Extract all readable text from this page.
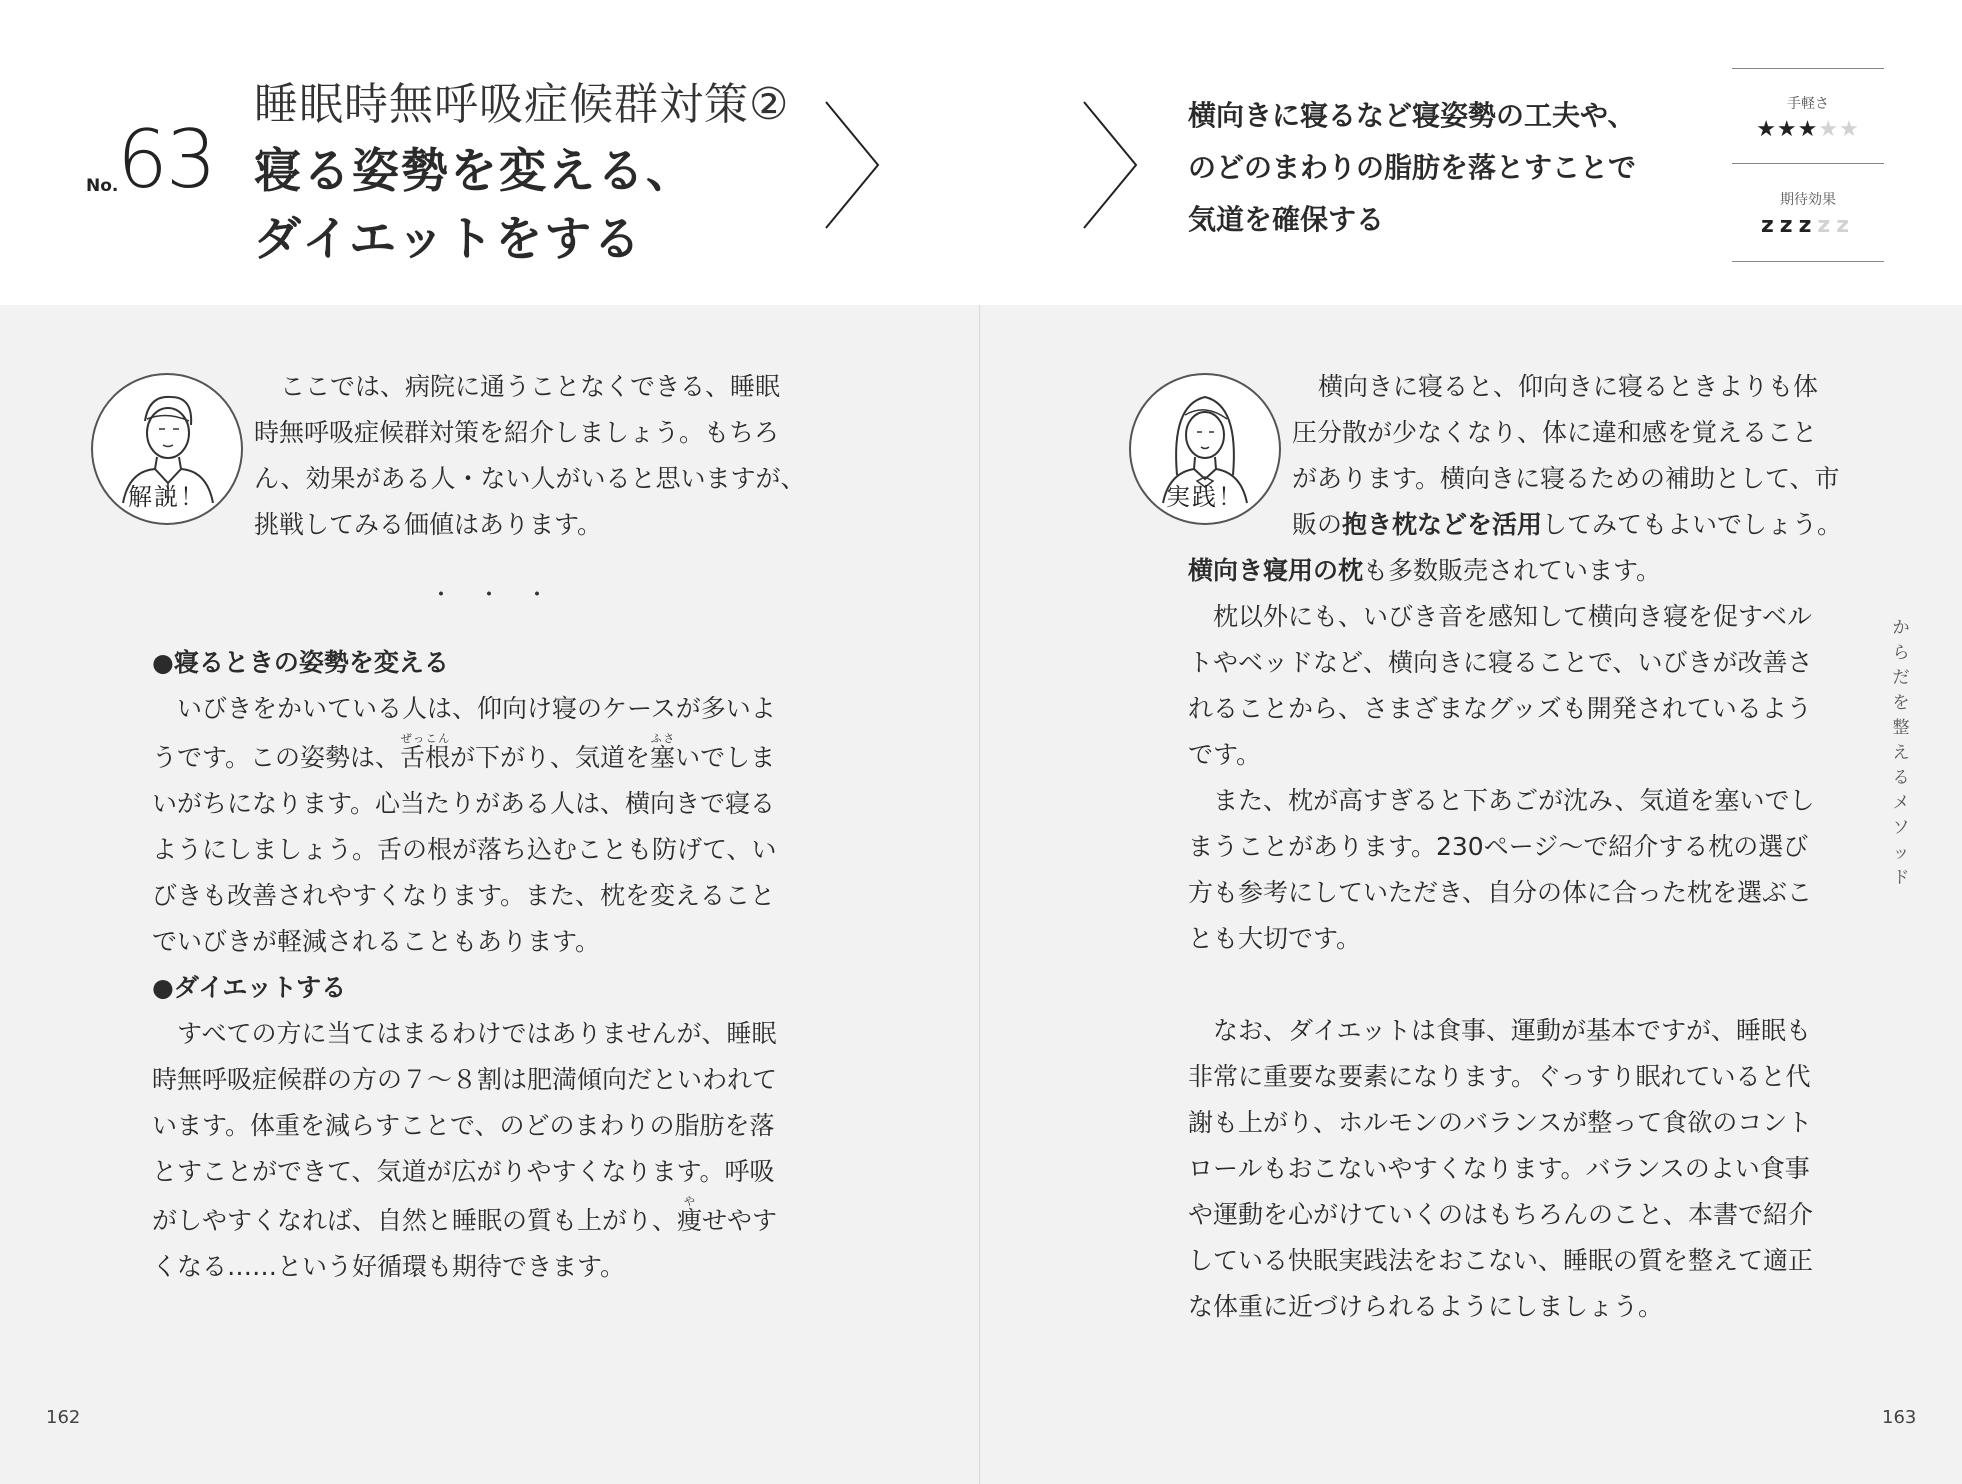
No.
63
睡眠時無呼吸症候群対策②
寝る姿勢を変える、
ダイエットをする
横向きに寝るなど寝姿勢の工夫や、
のどのまわりの脂肪を落とすことで
気道を確保する
手軽さ
★★★★★
期待効果
zzzzz
解説！

ここでは、病院に通うことなくできる、睡眠

時無呼吸症候群対策を紹介しましょう。もちろ

ん、効果がある人・ない人がいると思いますが、

挑戦してみる価値はあります。

・・・

●寝るときの姿勢を変える

いびきをかいている人は、仰向け寝のケースが多いよ

うです。この姿勢は、舌根ぜっこんが下がり、気道を塞ふさいでしま

いがちになります。心当たりがある人は、横向きで寝る

ようにしましょう。舌の根が落ち込むことも防げて、い

びきも改善されやすくなります。また、枕を変えること

でいびきが軽減されることもあります。

●ダイエットする

すべての方に当てはまるわけではありませんが、睡眠

時無呼吸症候群の方の７～８割は肥満傾向だといわれて

います。体重を減らすことで、のどのまわりの脂肪を落

とすことができて、気道が広がりやすくなります。呼吸

がしやすくなれば、自然と睡眠の質も上がり、痩やせやす

くなる……という好循環も期待できます。

162
実践！

横向きに寝ると、仰向きに寝るときよりも体

圧分散が少なくなり、体に違和感を覚えること

があります。横向きに寝るための補助として、市

販の抱き枕などを活用してみてもよいでしょう。

横向き寝用の枕も多数販売されています。

枕以外にも、いびき音を感知して横向き寝を促すベル

トやベッドなど、横向きに寝ることで、いびきが改善さ

れることから、さまざまなグッズも開発されているよう

です。

また、枕が高すぎると下あごが沈み、気道を塞いでし

まうことがあります。230ページ～で紹介する枕の選び

方も参考にしていただき、自分の体に合った枕を選ぶこ

とも大切です。

なお、ダイエットは食事、運動が基本ですが、睡眠も

非常に重要な要素になります。ぐっすり眠れていると代

謝も上がり、ホルモンのバランスが整って食欲のコント

ロールもおこないやすくなります。バランスのよい食事

や運動を心がけていくのはもちろんのこと、本書で紹介

している快眠実践法をおこない、睡眠の質を整えて適正

な体重に近づけられるようにしましょう。

か
ら
だ
を
整
え
る
メ
ソ
ッ
ド
163
